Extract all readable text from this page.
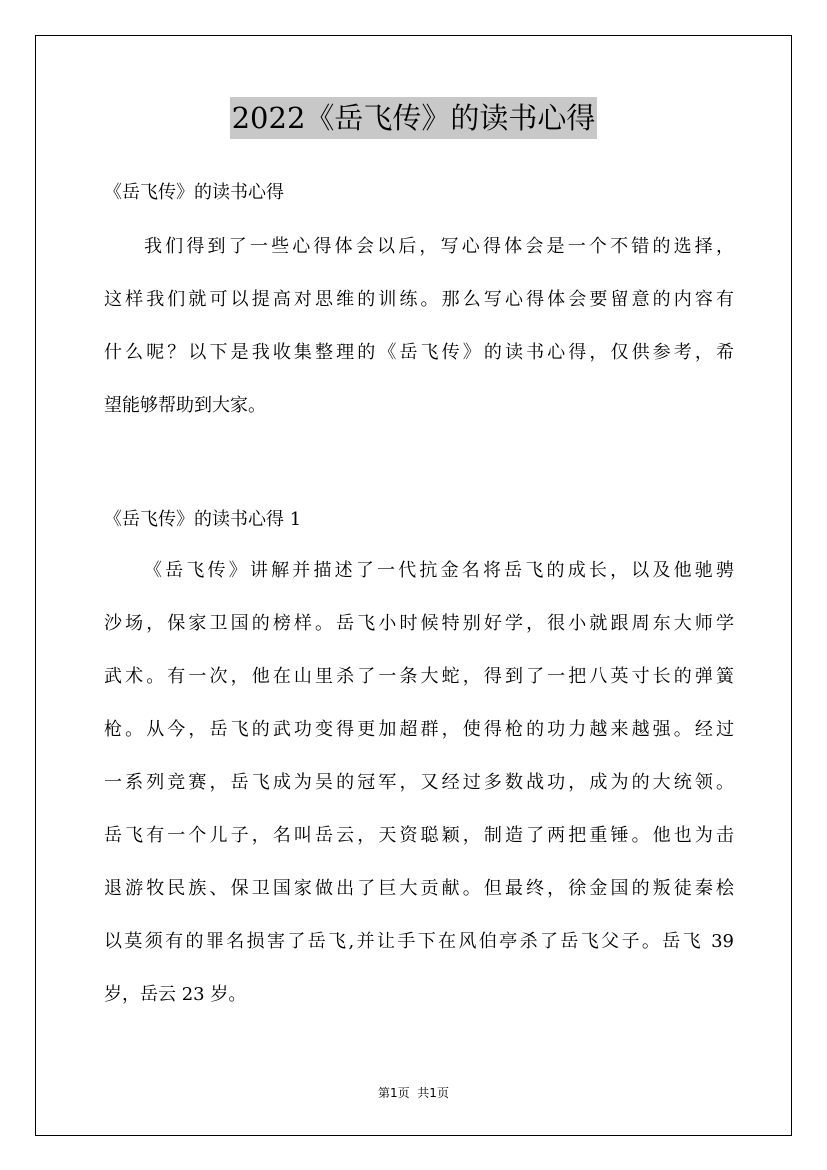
2022《岳飞传》的读书心得
《岳飞传》的读书心得
我们得到了一些心得体会以后，写心得体会是一个不错的选择，
这样我们就可以提高对思维的训练。那么写心得体会要留意的内容有
什么呢？以下是我收集整理的《岳飞传》的读书心得，仅供参考，希
望能够帮助到大家。
《岳飞传》的读书心得 1
《岳飞传》讲解并描述了一代抗金名将岳飞的成长，以及他驰骋
沙场，保家卫国的榜样。岳飞小时候特别好学，很小就跟周东大师学
武术。有一次，他在山里杀了一条大蛇，得到了一把八英寸长的弹簧
枪。从今，岳飞的武功变得更加超群，使得枪的功力越来越强。经过
一系列竞赛，岳飞成为吴的冠军，又经过多数战功，成为的大统领。
岳飞有一个儿子，名叫岳云，天资聪颖，制造了两把重锤。他也为击
退游牧民族、保卫国家做出了巨大贡献。但最终，徐金国的叛徒秦桧
以莫须有的罪名损害了岳飞,并让手下在风伯亭杀了岳飞父子。岳飞 39
岁，岳云 23 岁。
第1页  共1页
